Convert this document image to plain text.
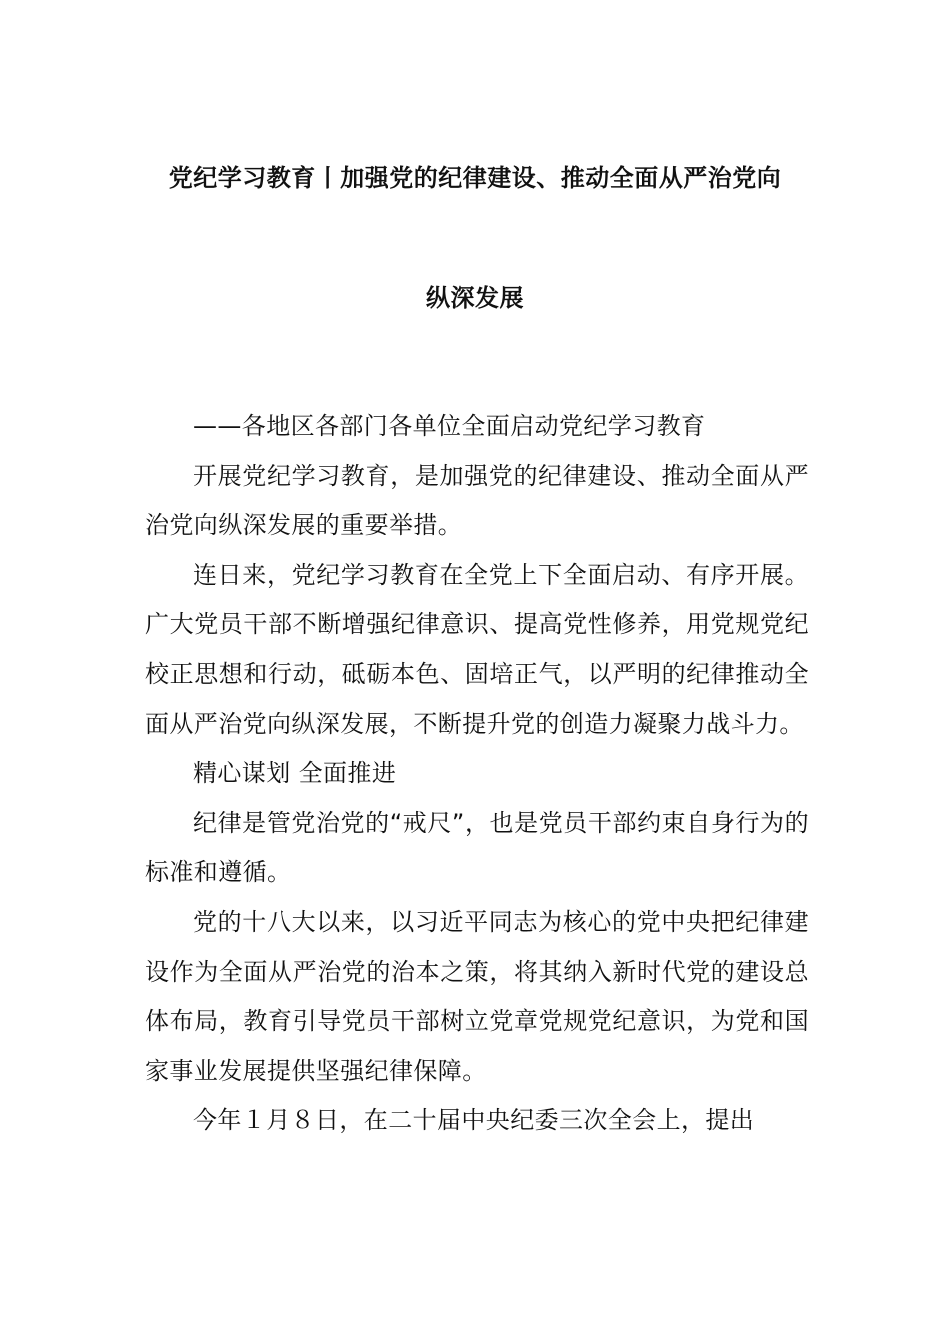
党纪学习教育丨加强党的纪律建设、推动全面从严治党向
纵深发展

——各地区各部门各单位全面启动党纪学习教育

开展党纪学习教育，是加强党的纪律建设、推动全面从严治党向纵深发展的重要举措。

连日来，党纪学习教育在全党上下全面启动、有序开展。广大党员干部不断增强纪律意识、提高党性修养，用党规党纪校正思想和行动，砥砺本色、固培正气，以严明的纪律推动全面从严治党向纵深发展，不断提升党的创造力凝聚力战斗力。

精心谋划 全面推进

纪律是管党治党的“戒尺”，也是党员干部约束自身行为的标准和遵循。

党的十八大以来，以习近平同志为核心的党中央把纪律建设作为全面从严治党的治本之策，将其纳入新时代党的建设总体布局，教育引导党员干部树立党章党规党纪意识，为党和国家事业发展提供坚强纪律保障。

今年１月８日，在二十届中央纪委三次全会上，提出
